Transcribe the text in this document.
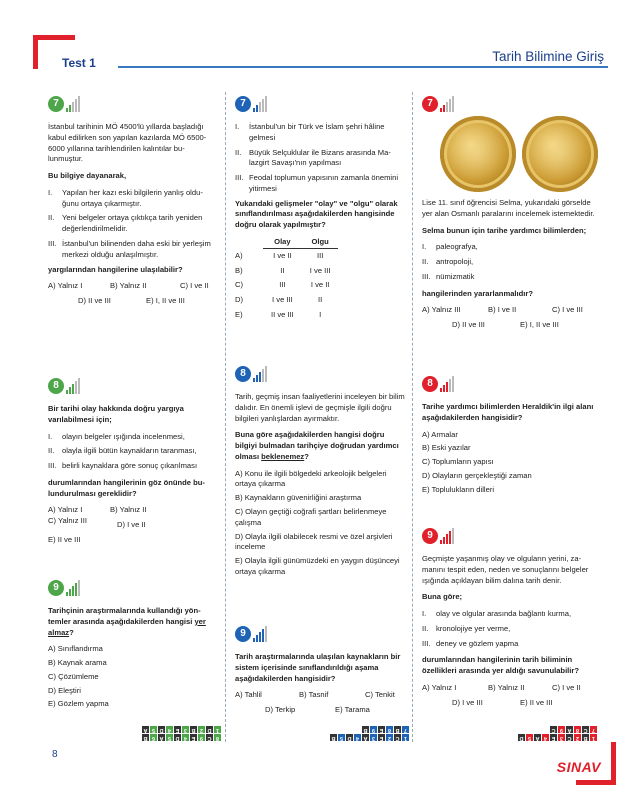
Test 1	Tarih Bilimine Giriş
7

İstanbul tarihinin MÖ 4500'lü yıllarda başladığı kabul edilirken son yapılan kazılarda MÖ 6500-6000 yıllarına tarihlendirilen kalıntılar bulunmuştur.

Bu bilgiye dayanarak,

I.	Yapılan her kazı eski bilgilerin yanlış olduğunu ortaya çıkarmıştır.
II.	Yeni belgeler ortaya çıktıkça tarih yeniden değerlendirilmelidir.
III. İstanbul'un bilinenden daha eski bir yerleşim merkezi olduğu anlaşılmıştır.

yargılarından hangilerine ulaşılabilir?

A) Yalnız I	B) Yalnız II	C) I ve II
D) II ve III	E) I, II ve III
8

Bir tarihi olay hakkında doğru yargıya varılabilmesi için;

I.	olayın belgeler ışığında incelenmesi,
II.	olayla ilgili bütün kaynakların taranması,
III. belirli kaynaklara göre sonuç çıkarılması

durumlarından hangilerinin göz önünde bulundurulması gereklidir?

A) Yalnız I	B) Yalnız II
C) Yalnız III	D) I ve II
E) II ve III
9

Tarihçinin araştırmalarında kullandığı yöntemler arasında aşağıdakilerden hangisi yer almaz?

A) Sınıflandırma
B) Kaynak arama
C) Çözümleme
D) Eleştiri
E) Gözlem yapma
7
I.	İstanbul'un bir Türk ve İslam şehri hâline gelmesi
II.	Büyük Selçuklular ile Bizans arasında Malazgirt Savaşı'nın yapılması
III. Feodal toplumun yapısının zamanla önemini yitirmesi

Yukarıdaki gelişmeler "olay" ve "olgu" olarak sınıflandırılması aşağıdakilerden hangisinde doğru olarak yapılmıştır?

	Olay	Olgu
A)	I ve II	III
B)	II	I ve III
C)	III	I ve II
D)	I ve III	II
E)	II ve III	I
8

Tarih, geçmiş insan faaliyetlerini inceleyen bir bilim dalıdır. En önemli işlevi de geçmişle ilgili doğru bilgileri yanlışlardan ayırmaktır.

Buna göre aşağıdakilerden hangisi doğru bilgiyi bulmadan tarihçiye doğrudan yardımcı olması beklenemez?

A) Konu ile ilgili bölgedeki arkeolojik belgeleri ortaya çıkarma
B) Kaynakların güvenirliğini araştırma
C) Olayın geçtiği coğrafi şartları belirlenmeye çalışma
D) Olayla ilgili olabilecek resmi ve özel arşivleri inceleme
E) Olayla ilgili günümüzdeki en yaygın düşünceyi ortaya çıkarma
9

Tarih araştırmalarında ulaşılan kaynakların bir sistem içerisinde sınıflandırıldığı aşama aşağıdakilerden hangisidir?

A) Tahlil	B) Tasnif	C) Tenkit
D) Terkip	E) Tarama
7

Lise 11. sınıf öğrencisi Selma, yukarıdaki görselde yer alan Osmanlı paralarını incelemek istemektedir.

Selma bunun için tarihe yardımcı bilimlerden;

I.	paleografya,
II.	antropoloji,
III. nümizmatik

hangilerinden yararlanmalıdır?

A) Yalnız III	B) I ve II	C) I ve III
D) II ve III	E) I, II ve III
8

Tarihe yardımcı bilimlerden Heraldik'in ilgi alanı aşağıdakilerden hangisidir?

A) Armalar
B) Eski yazılar
C) Toplumların yapısı
D) Olayların gerçekleştiği zaman
E) Toplulukların dilleri
9

Geçmişte yaşanmış olay ve olguların yerini, zamanını tespit eden, neden ve sonuçlarını belgeler ışığında açıklayan bilim dalına tarih denir.

Buna göre;

I.	olay ve olgular arasında bağlantı kurma,
II.	kronolojiye yer verme,
III. deney ve gözlem yapma

durumlarından hangilerinin tarih biliminin özellikleri arasında yer aldığı savunulabilir?

A) Yalnız I	B) Yalnız II	C) I ve II
D) I ve III	E) II ve III
8
C
9
E
4
D
5
A
6
B
1
D
2
B
3
E
4
D
5
A
1
C
2
E
3
A
4
D
5
B
7
B
8
E
9
B
1
B
2
C
3
E
4
A
5
D
7
C
8
A
9
C
8
SINAV
